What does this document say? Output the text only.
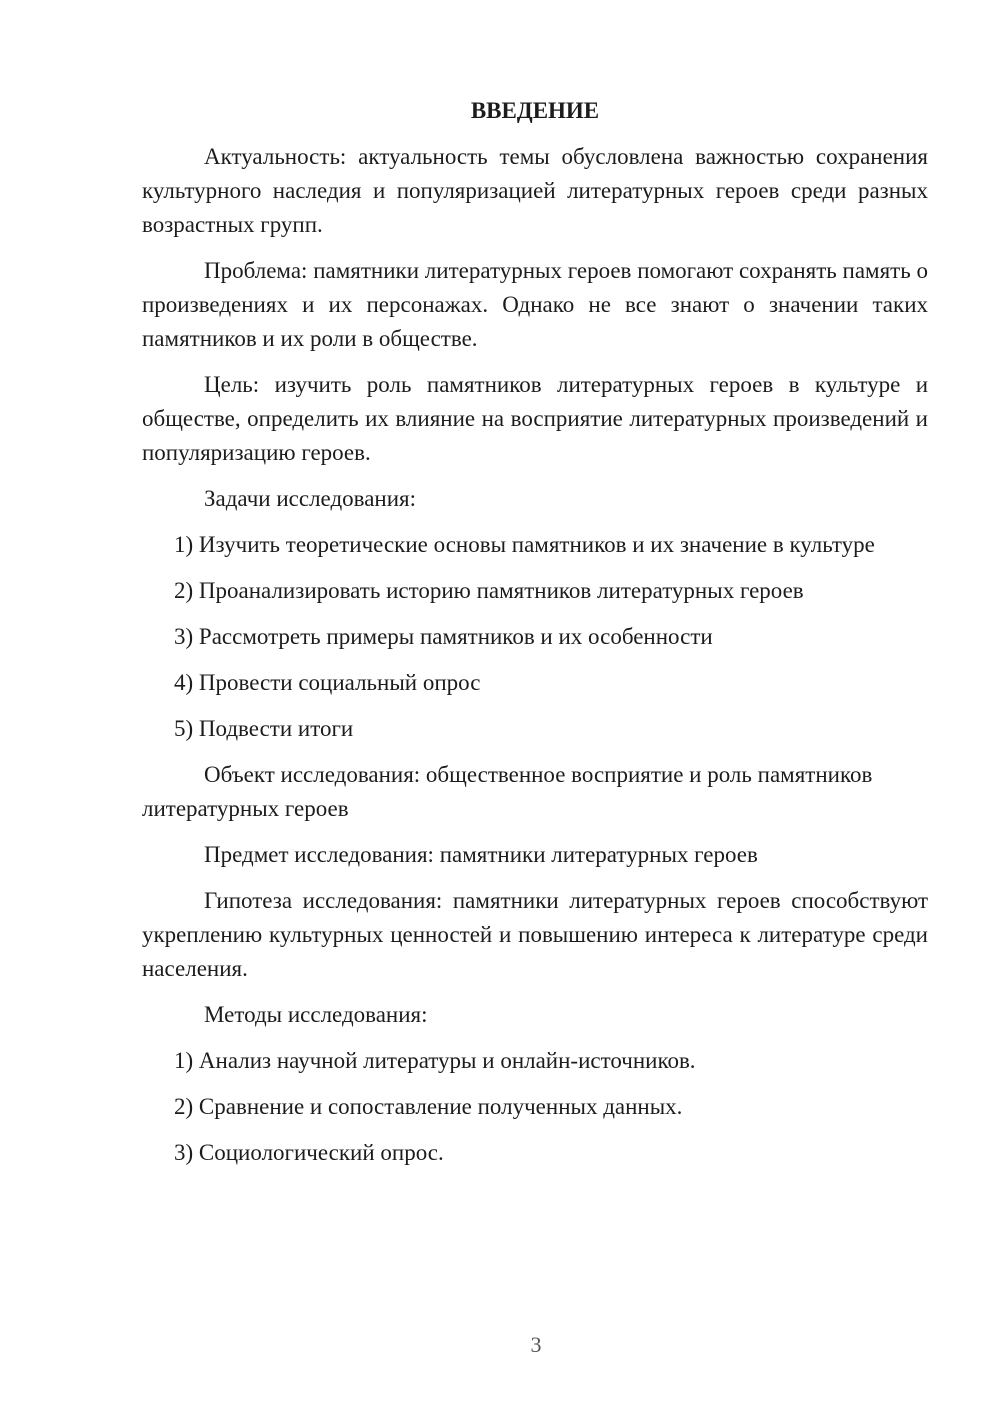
ВВЕДЕНИЕ

Актуальность: актуальность темы обусловлена важностью сохранения культурного наследия и популяризацией литературных героев среди разных возрастных групп.

Проблема: памятники литературных героев помогают сохранять память о произведениях и их персонажах. Однако не все знают о значении таких памятников и их роли в обществе.

Цель: изучить роль памятников литературных героев в культуре и обществе, определить их влияние на восприятие литературных произведений и популяризацию героев.

Задачи исследования:

1) Изучить теоретические основы памятников и их значение в культуре

2) Проанализировать историю памятников литературных героев

3) Рассмотреть примеры памятников и их особенности

4) Провести социальный опрос

5) Подвести итоги

Объект исследования: общественное восприятие и роль памятников литературных героев

Предмет исследования: памятники литературных героев

Гипотеза исследования: памятники литературных героев способствуют укреплению культурных ценностей и повышению интереса к литературе среди населения.

Методы исследования:

1) Анализ научной литературы и онлайн-источников.

2) Сравнение и сопоставление полученных данных.

3) Социологический опрос.

3
